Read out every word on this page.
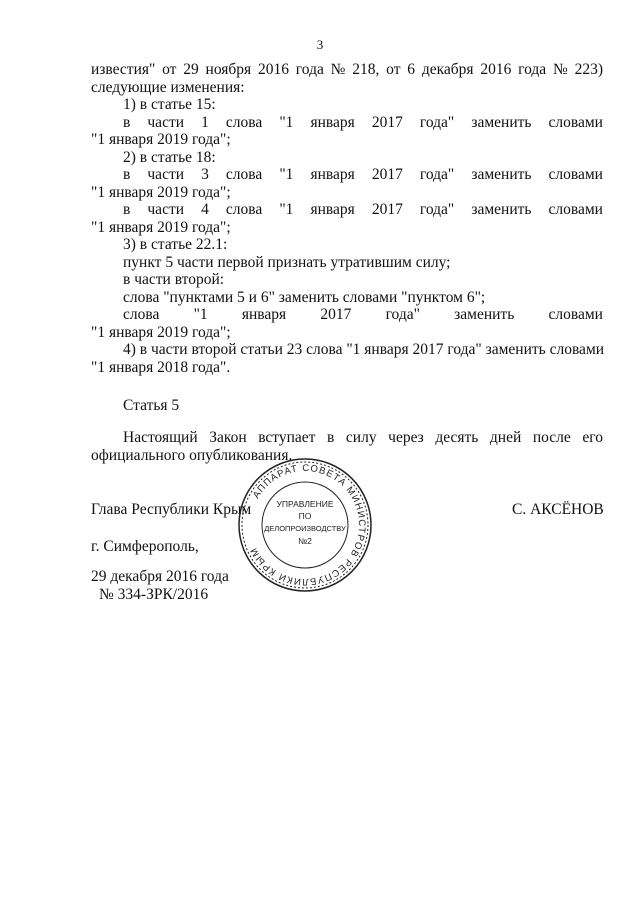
3
известия" от 29 ноября 2016 года № 218, от 6 декабря 2016 года № 223)
следующие изменения:
1) в статье 15:
в части 1 слова "1 января 2017 года" заменить словами
"1 января 2019 года";
2) в статье 18:
в части 3 слова "1 января 2017 года" заменить словами
"1 января 2019 года";
в части 4 слова "1 января 2017 года" заменить словами
"1 января 2019 года";
3) в статье 22.1:
пункт 5 части первой признать утратившим силу;
в части второй:
слова "пунктами 5 и 6" заменить словами "пунктом 6";
слова "1 января 2017 года" заменить словами
"1 января 2019 года";
4) в части второй статьи 23 слова "1 января 2017 года" заменить словами
"1 января 2018 года".
Статья 5
Настоящий Закон вступает в силу через десять дней после его
официального опубликования.
Глава Республики Крым	С. АКСЁНОВ
г. Симферополь,
29 декабря 2016 года
№ 334-ЗРК/2016
АППАРАТ СОВЕТА МИНИСТРОВ РЕСПУБЛИКИ КРЫМ
УПРАВЛЕНИЕ
ПО
ДЕЛОПРОИЗВОДСТВУ
№2
